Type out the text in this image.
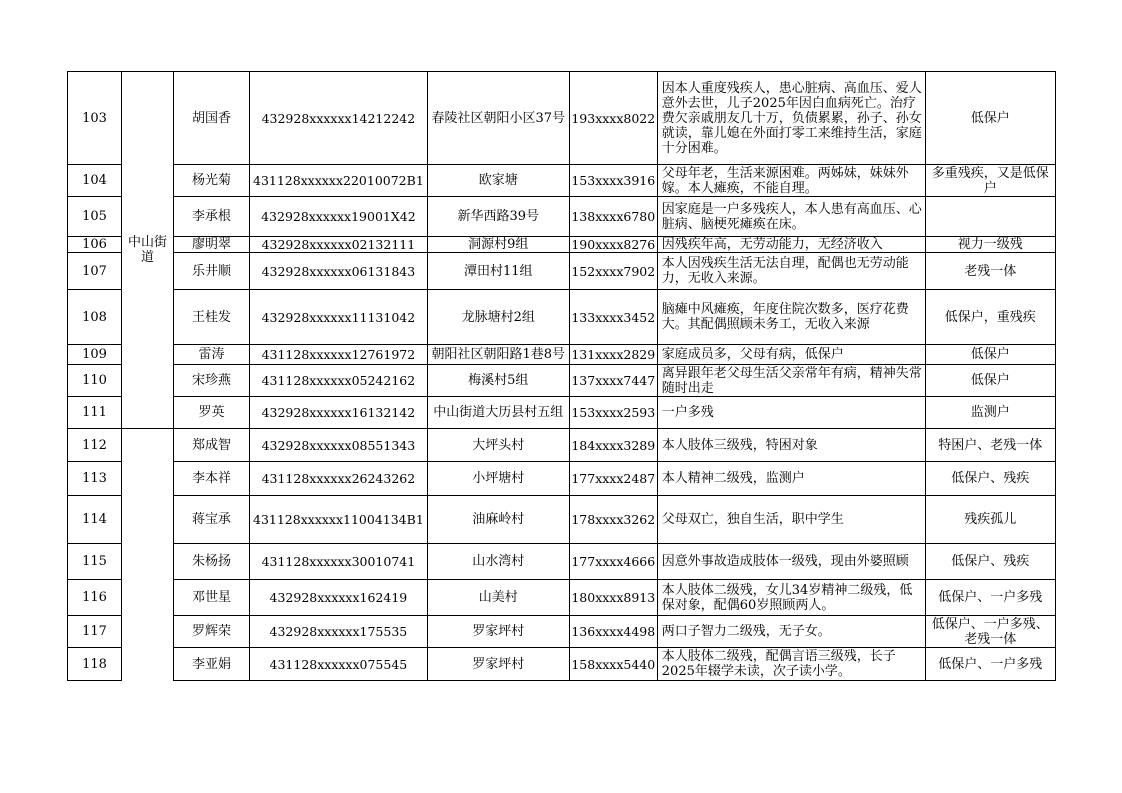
103	中山街道	胡国香	432928xxxxxx14212242	春陵社区朝阳小区37号	193xxxx8022	因本人重度残疾人，患心脏病、高血压、爱人意外去世，儿子2025年因白血病死亡。治疗费欠亲戚朋友几十万，负债累累，孙子、孙女就读，靠儿媳在外面打零工来维持生活，家庭十分困难。	低保户
104		杨光菊	431128xxxxxx22010072B1	欧家塘	153xxxx3916	父母年老，生活来源困难。两姊妹，妹妹外嫁。本人瘫痪，不能自理。	多重残疾，又是低保户
105		李承根	432928xxxxxx19001X42	新华西路39号	138xxxx6780	因家庭是一户多残疾人，本人患有高血压、心脏病、脑梗死瘫痪在床。	
106		廖明翠	432928xxxxxx02132111	洞源村9组	190xxxx8276	因残疾年高，无劳动能力，无经济收入	视力一级残
107		乐井顺	432928xxxxxx06131843	潭田村11组	152xxxx7902	本人因残疾生活无法自理，配偶也无劳动能力，无收入来源。	老残一体
108		王桂发	432928xxxxxx11131042	龙脉塘村2组	133xxxx3452	脑瘫中风瘫痪，年度住院次数多，医疗花费大。其配偶照顾未务工，无收入来源	低保户，重残疾
109		雷涛	431128xxxxxx12761972	朝阳社区朝阳路1巷8号	131xxxx2829	家庭成员多，父母有病，低保户	低保户
110		宋珍燕	431128xxxxxx05242162	梅溪村5组	137xxxx7447	离异跟年老父母生活父亲常年有病，精神失常随时出走	低保户
111		罗英	432928xxxxxx16132142	中山街道大历县村五组	153xxxx2593	一户多残	监测户
112		郑成智	432928xxxxxx08551343	大坪头村	184xxxx3289	本人肢体三级残，特困对象	特困户、老残一体
113		李本祥	431128xxxxxx26243262	小坪塘村	177xxxx2487	本人精神二级残，监测户	低保户、残疾
114		蒋宝承	431128xxxxxx11004134B1	油麻岭村	178xxxx3262	父母双亡，独自生活，职中学生	残疾孤儿
115		朱杨扬	431128xxxxxx30010741	山水湾村	177xxxx4666	因意外事故造成肢体一级残，现由外婆照顾	低保户、残疾
116		邓世星	432928xxxxxx162419	山美村	180xxxx8913	本人肢体二级残，女儿34岁精神二级残，低保对象，配偶60岁照顾两人。	低保户、一户多残
117		罗辉荣	432928xxxxxx175535	罗家坪村	136xxxx4498	两口子智力二级残，无子女。	低保户、一户多残、老残一体
118		李亚娟	431128xxxxxx075545	罗家坪村	158xxxx5440	本人肢体二级残，配偶言语三级残，长子2025年辍学未读，次子读小学。	低保户、一户多残
